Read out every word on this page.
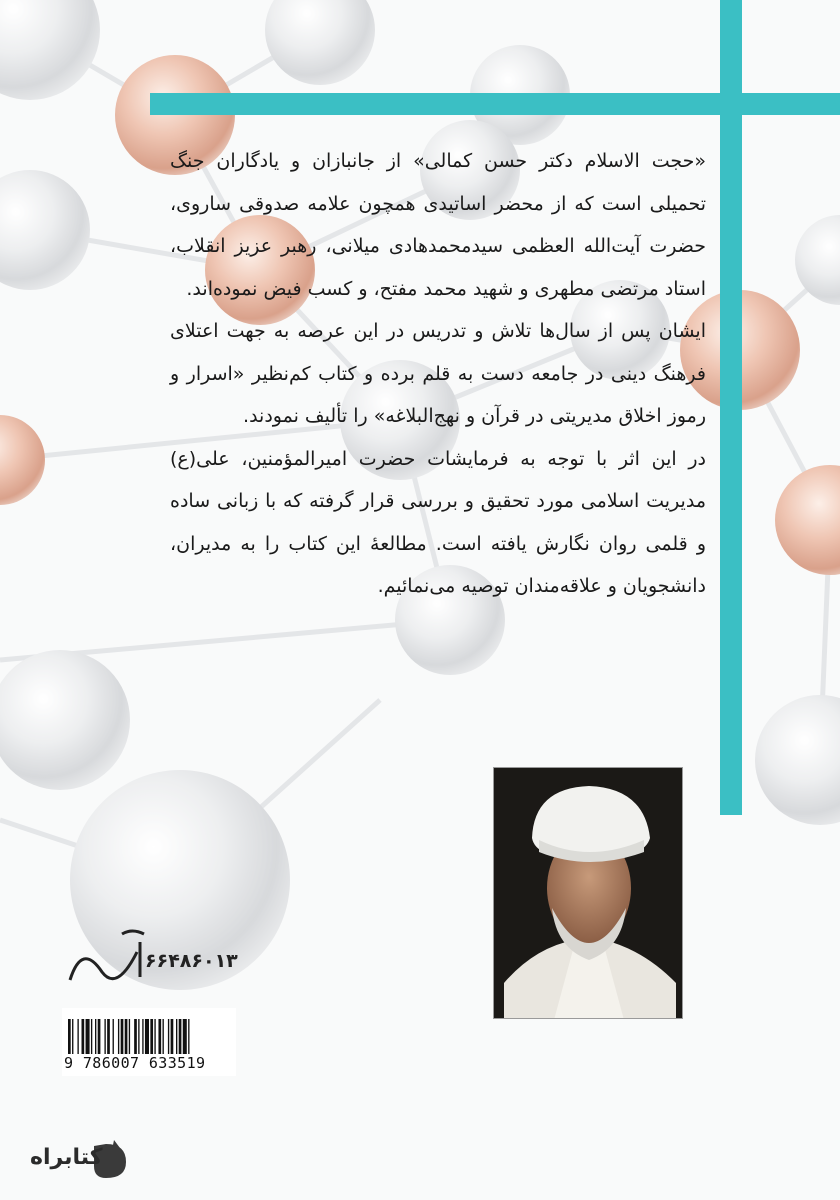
«حجت الاسلام دکتر حسن کمالی» از جانبازان و یادگاران جنگ تحمیلی است که از محضر اساتیدی همچون علامه صدوقی ساروی، حضرت آیت‌الله العظمی سیدمحمدهادی میلانی، رهبر عزیز انقلاب، استاد مرتضی مطهری و شهید محمد مفتح، و کسب فیض نموده‌اند.

ایشان پس از سال‌ها تلاش و تدریس در این عرصه به جهت اعتلای فرهنگ دینی در جامعه دست به قلم برده و کتاب کم‌نظیر «اسرار و رموز اخلاق مدیریتی در قرآن و نهج‌البلاغه» را تألیف نمودند.

در این اثر با توجه به فرمایشات حضرت امیرالمؤمنین، علی(ع) مدیریت اسلامی مورد تحقیق و بررسی قرار گرفته که با زبانی ساده و قلمی روان نگارش یافته است. مطالعهٔ این کتاب را به مدیران، دانشجویان و علاقه‌مندان توصیه می‌نمائیم.

آرمان	۶۶۴۸۶۰۱۳
9 786007 633519
کتابراه
